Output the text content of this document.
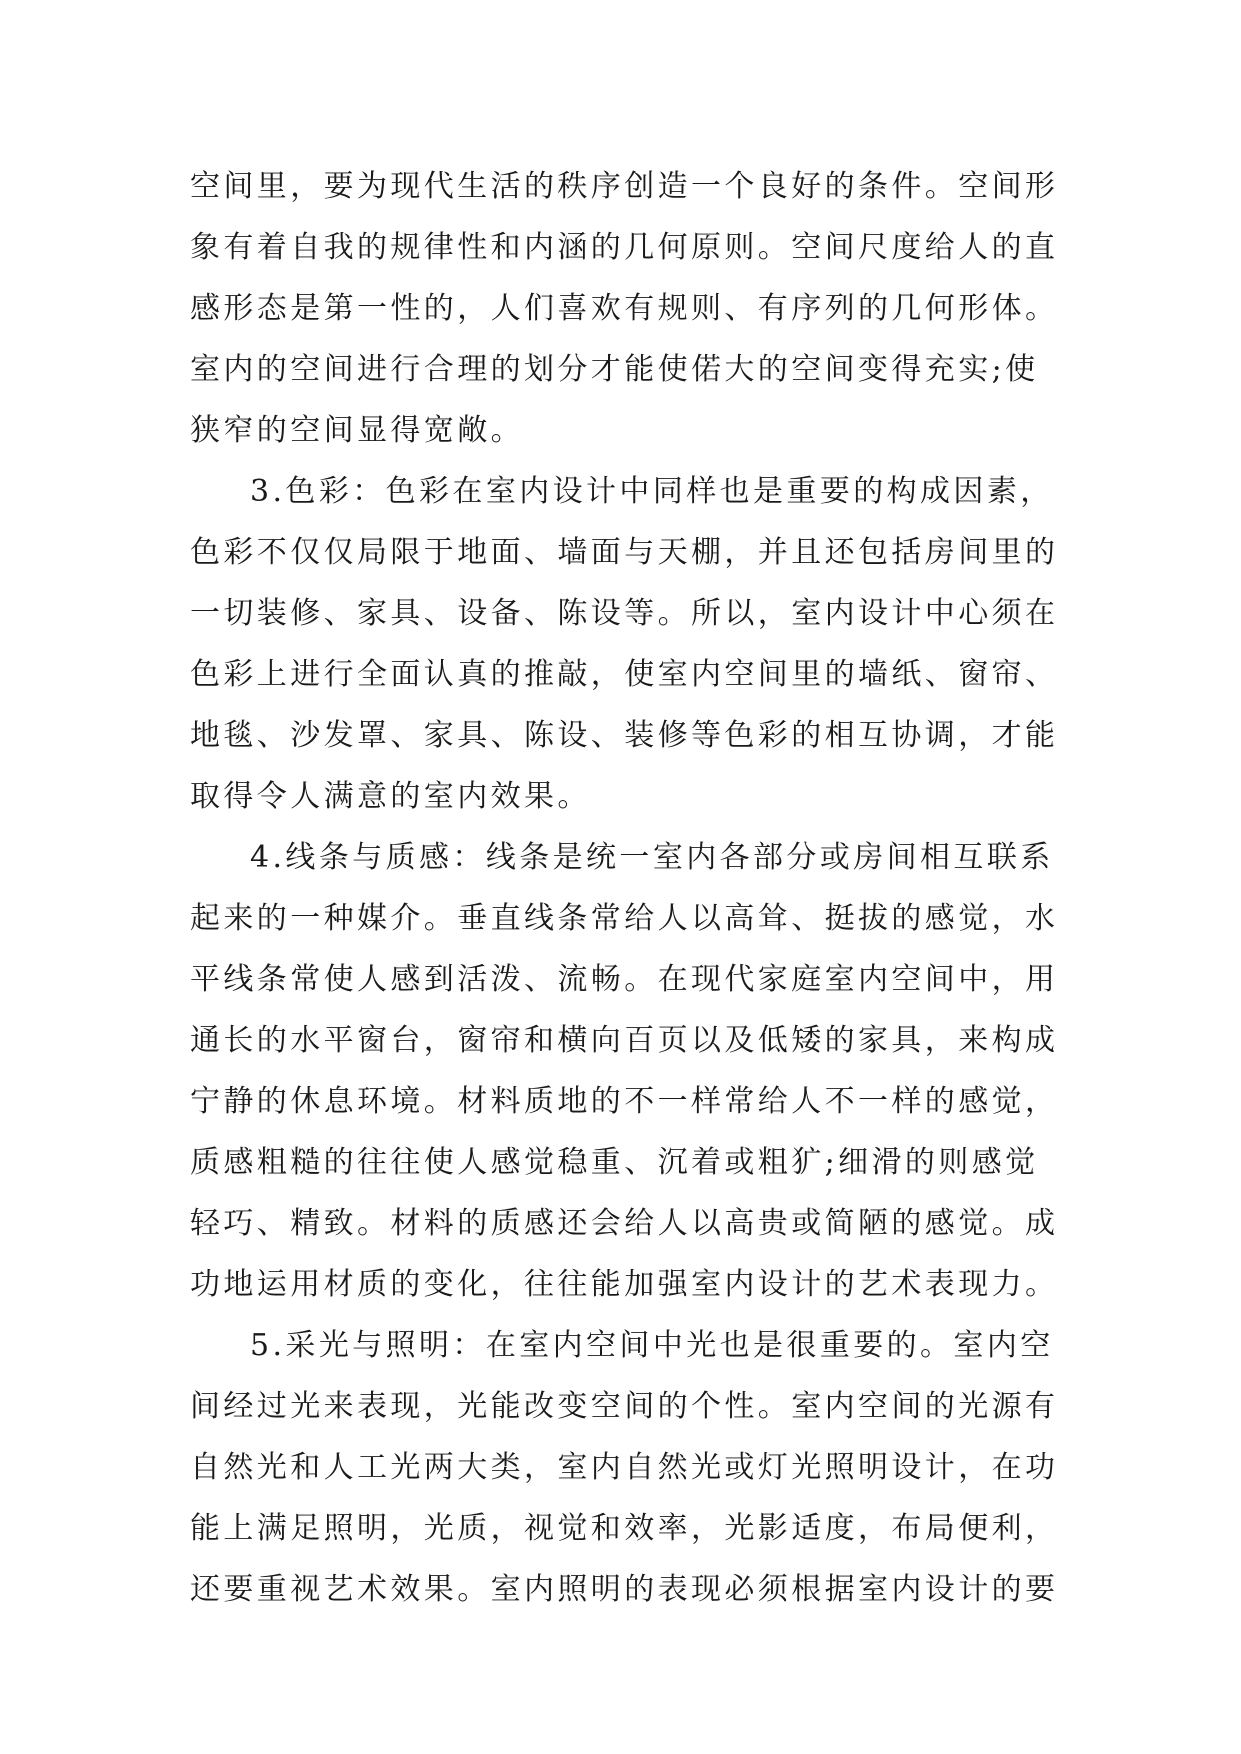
空间里，要为现代生活的秩序创造一个良好的条件。空间形
象有着自我的规律性和内涵的几何原则。空间尺度给人的直
感形态是第一性的，人们喜欢有规则、有序列的几何形体。
室内的空间进行合理的划分才能使偌大的空间变得充实;使
狭窄的空间显得宽敞。
3.色彩：色彩在室内设计中同样也是重要的构成因素，
色彩不仅仅局限于地面、墙面与天棚，并且还包括房间里的
一切装修、家具、设备、陈设等。所以，室内设计中心须在
色彩上进行全面认真的推敲，使室内空间里的墙纸、窗帘、
地毯、沙发罩、家具、陈设、装修等色彩的相互协调，才能
取得令人满意的室内效果。
4.线条与质感：线条是统一室内各部分或房间相互联系
起来的一种媒介。垂直线条常给人以高耸、挺拔的感觉，水
平线条常使人感到活泼、流畅。在现代家庭室内空间中，用
通长的水平窗台，窗帘和横向百页以及低矮的家具，来构成
宁静的休息环境。材料质地的不一样常给人不一样的感觉，
质感粗糙的往往使人感觉稳重、沉着或粗犷;细滑的则感觉
轻巧、精致。材料的质感还会给人以高贵或简陋的感觉。成
功地运用材质的变化，往往能加强室内设计的艺术表现力。
5.采光与照明：在室内空间中光也是很重要的。室内空
间经过光来表现，光能改变空间的个性。室内空间的光源有
自然光和人工光两大类，室内自然光或灯光照明设计，在功
能上满足照明，光质，视觉和效率，光影适度，布局便利，
还要重视艺术效果。室内照明的表现必须根据室内设计的要
